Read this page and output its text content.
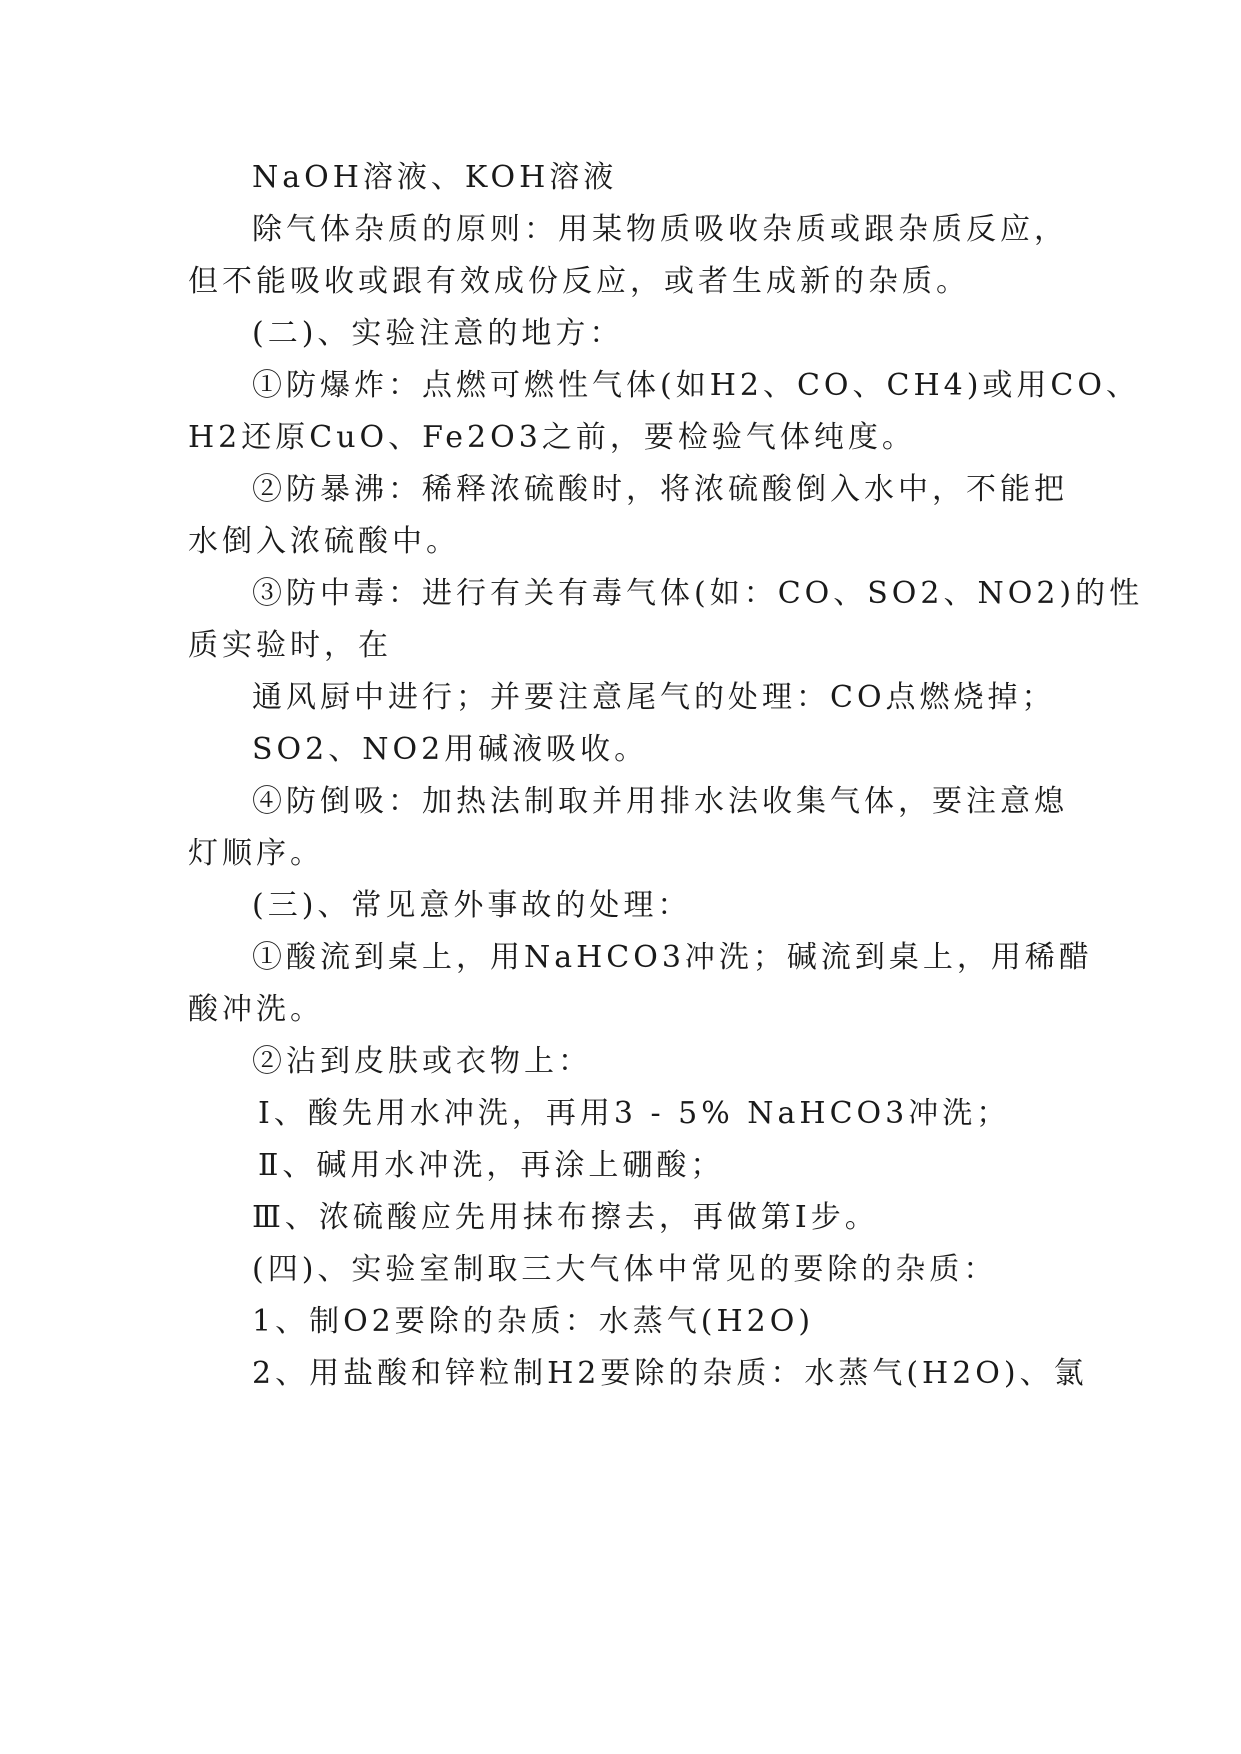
NaOH溶液、KOH溶液
除气体杂质的原则：用某物质吸收杂质或跟杂质反应，
但不能吸收或跟有效成份反应，或者生成新的杂质。
(二)、实验注意的地方：
①防爆炸：点燃可燃性气体(如H2、CO、CH4)或用CO、
H2还原CuO、Fe2O3之前，要检验气体纯度。
②防暴沸：稀释浓硫酸时，将浓硫酸倒入水中，不能把
水倒入浓硫酸中。
③防中毒：进行有关有毒气体(如：CO、SO2、NO2)的性
质实验时，在
通风厨中进行；并要注意尾气的处理：CO点燃烧掉；
SO2、NO2用碱液吸收。
④防倒吸：加热法制取并用排水法收集气体，要注意熄
灯顺序。
(三)、常见意外事故的处理：
①酸流到桌上，用NaHCO3冲洗；碱流到桌上，用稀醋
酸冲洗。
②沾到皮肤或衣物上：
Ⅰ、酸先用水冲洗，再用3 - 5% NaHCO3冲洗；
Ⅱ、碱用水冲洗，再涂上硼酸；
Ⅲ、浓硫酸应先用抹布擦去，再做第Ⅰ步。
(四)、实验室制取三大气体中常见的要除的杂质：
1、制O2要除的杂质：水蒸气(H2O)
2、用盐酸和锌粒制H2要除的杂质：水蒸气(H2O)、氯
